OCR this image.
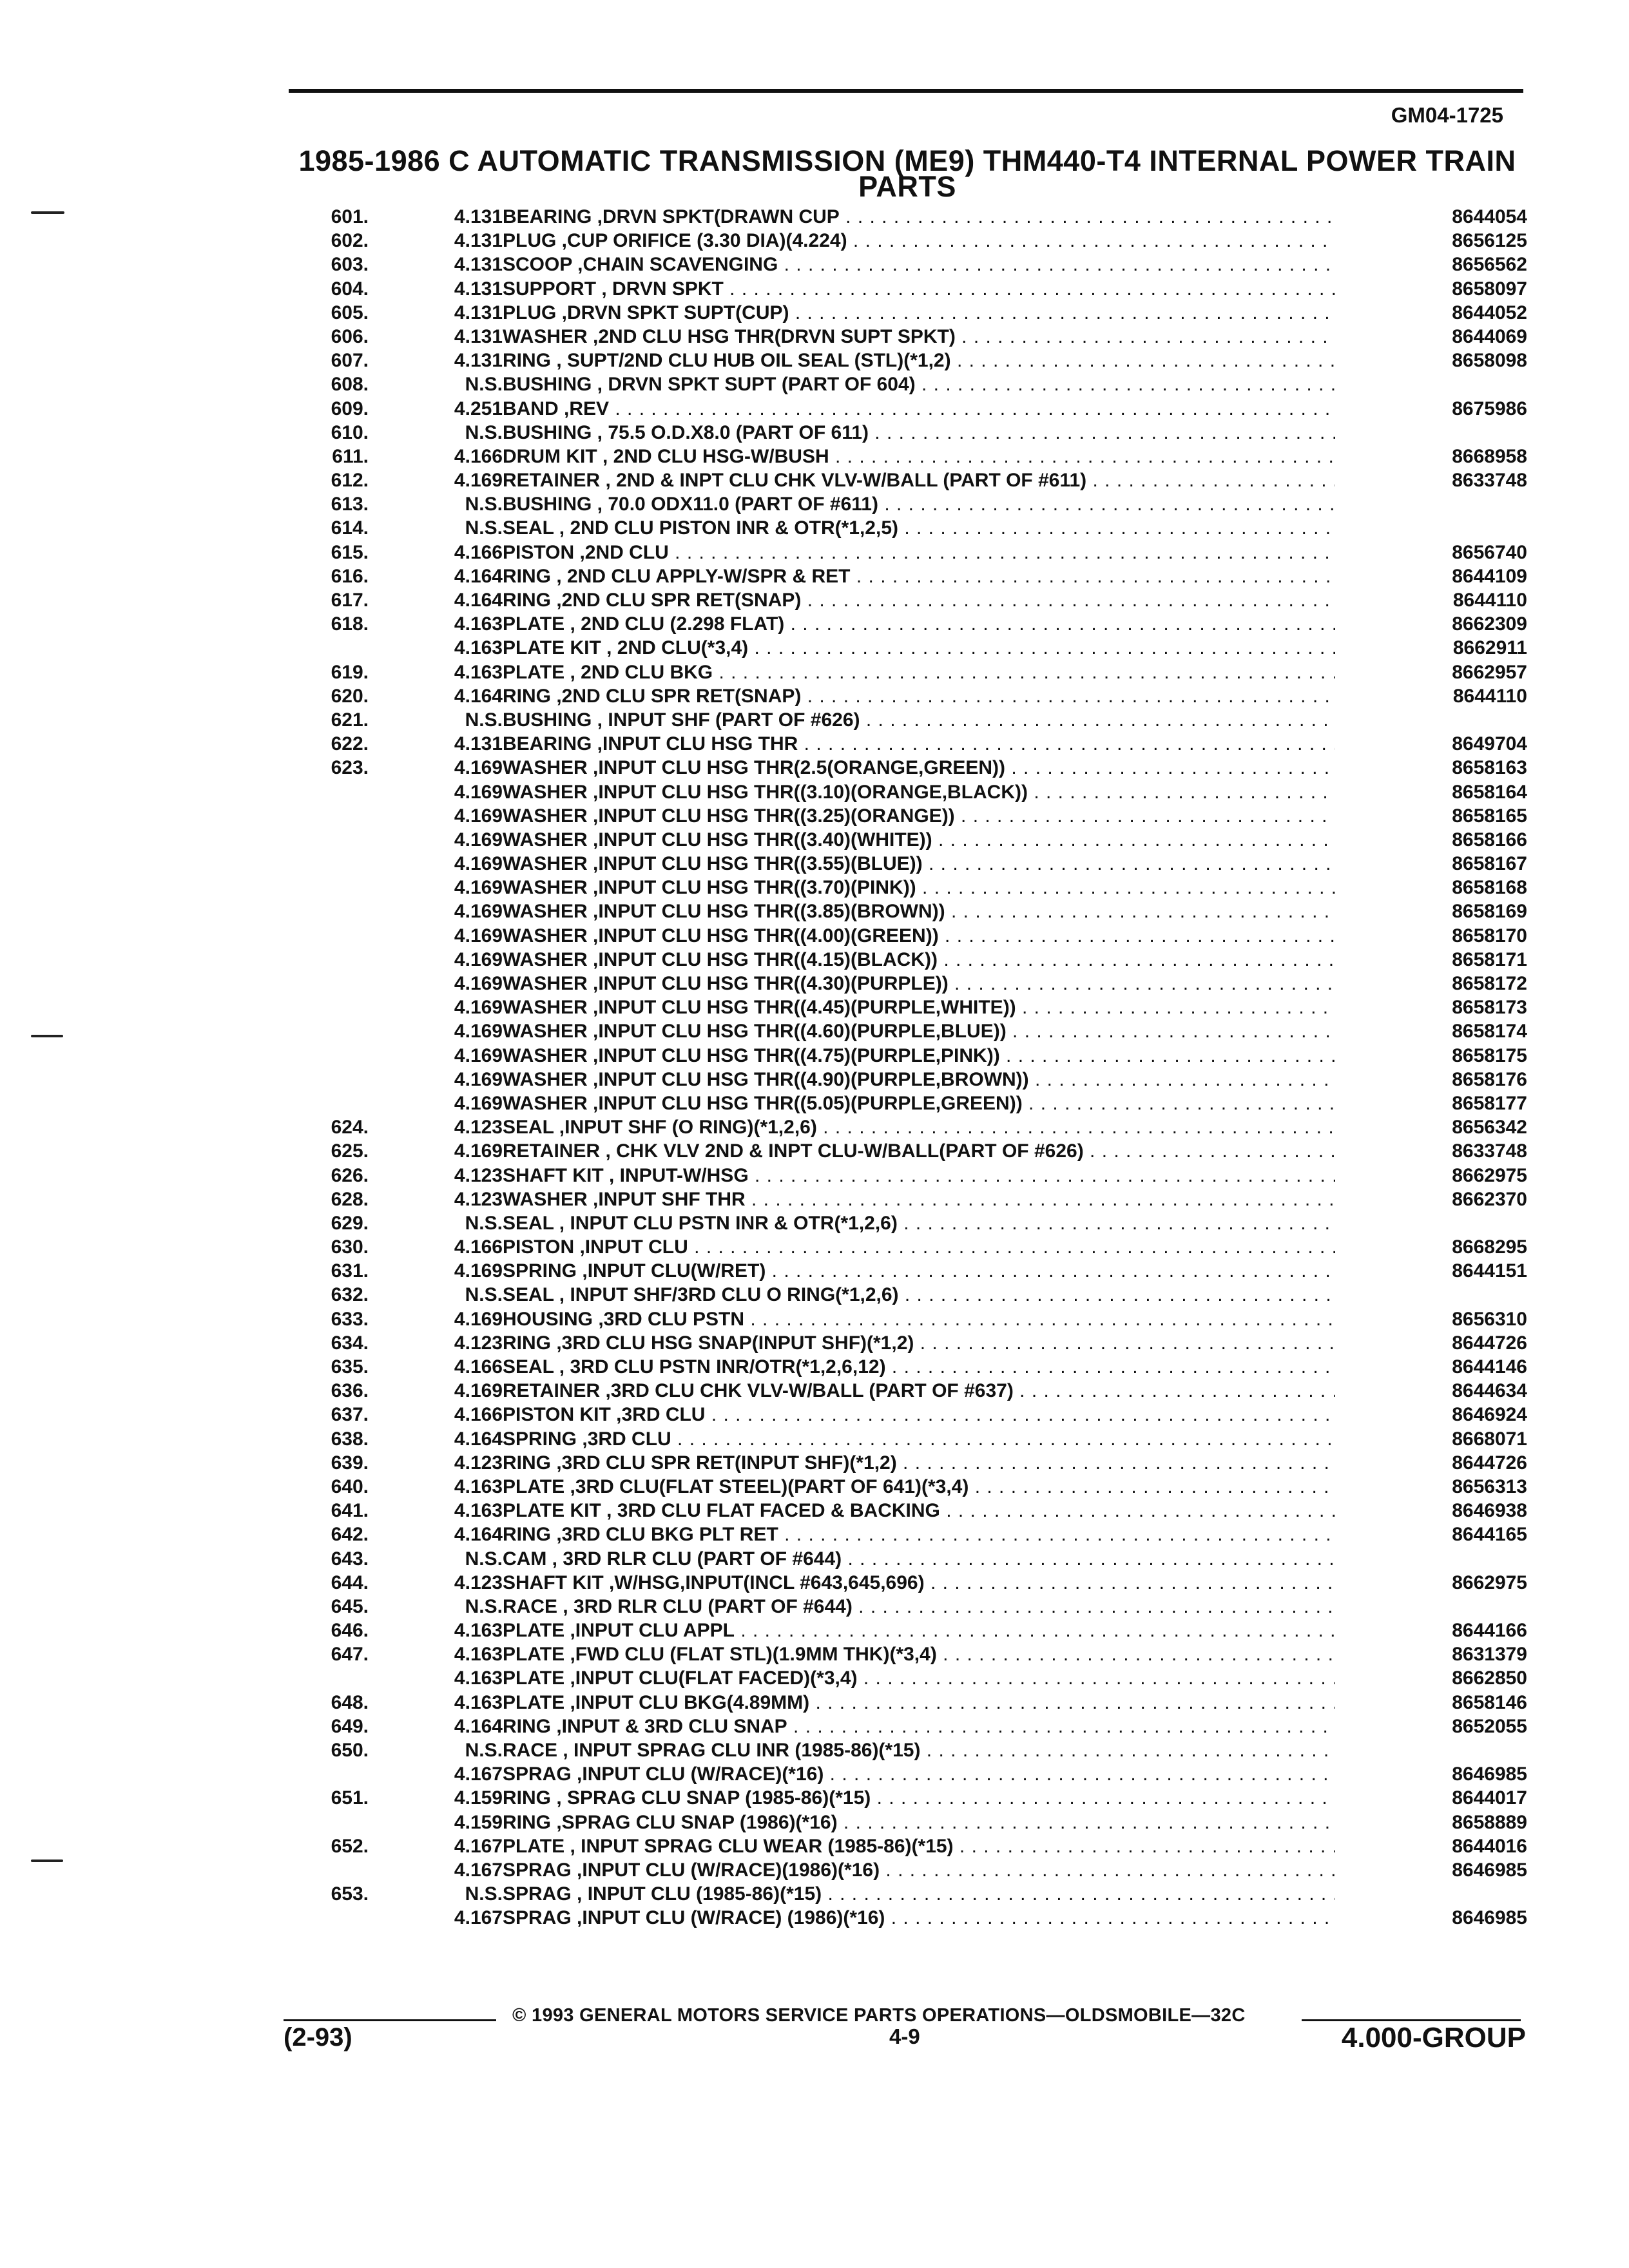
GM04-1725
1985-1986 C AUTOMATIC TRANSMISSION (ME9) THM440-T4 INTERNAL POWER TRAIN
PARTS
601.	4.131 BEARING ,DRVN SPKT(DRAWN CUP . . .	8644054
602.	4.131 PLUG ,CUP ORIFICE (3.30 DIA)(4.224) . . .	8656125
603.	4.131 SCOOP ,CHAIN SCAVENGING . . .	8656562
604.	4.131 SUPPORT , DRVN SPKT . . .	8658097
605.	4.131 PLUG ,DRVN SPKT SUPT(CUP) . . .	8644052
606.	4.131 WASHER ,2ND CLU HSG THR(DRVN SUPT SPKT) . . .	8644069
607.	4.131 RING , SUPT/2ND CLU HUB OIL SEAL (STL)(*1,2) . . .	8658098
608.	N.S. BUSHING , DRVN SPKT SUPT (PART OF 604) . . .
609.	4.251 BAND ,REV . . .	8675986
610.	N.S. BUSHING , 75.5 O.D.X8.0 (PART OF 611) . . .
611.	4.166 DRUM KIT , 2ND CLU HSG-W/BUSH . . .	8668958
612.	4.169 RETAINER , 2ND & INPT CLU CHK VLV-W/BALL (PART OF #611) . . .	8633748
613.	N.S. BUSHING , 70.0 ODX11.0 (PART OF #611) . . .
614.	N.S. SEAL , 2ND CLU PISTON INR & OTR(*1,2,5) . . .
615.	4.166 PISTON ,2ND CLU . . .	8656740
616.	4.164 RING , 2ND CLU APPLY-W/SPR & RET . . .	8644109
617.	4.164 RING ,2ND CLU SPR RET(SNAP) . . .	8644110
618.	4.163 PLATE , 2ND CLU (2.298 FLAT) . . .	8662309
4.163 PLATE KIT , 2ND CLU(*3,4) . . .	8662911
619.	4.163 PLATE , 2ND CLU BKG . . .	8662957
620.	4.164 RING ,2ND CLU SPR RET(SNAP) . . .	8644110
621.	N.S. BUSHING , INPUT SHF (PART OF #626) . . .
622.	4.131 BEARING ,INPUT CLU HSG THR . . .	8649704
623.	4.169 WASHER ,INPUT CLU HSG THR(2.5(ORANGE,GREEN)) . . .	8658163
4.169 WASHER ,INPUT CLU HSG THR((3.10)(ORANGE,BLACK)) . . .	8658164
4.169 WASHER ,INPUT CLU HSG THR((3.25)(ORANGE)) . . .	8658165
4.169 WASHER ,INPUT CLU HSG THR((3.40)(WHITE)) . . .	8658166
4.169 WASHER ,INPUT CLU HSG THR((3.55)(BLUE)) . . .	8658167
4.169 WASHER ,INPUT CLU HSG THR((3.70)(PINK)) . . .	8658168
4.169 WASHER ,INPUT CLU HSG THR((3.85)(BROWN)) . . .	8658169
4.169 WASHER ,INPUT CLU HSG THR((4.00)(GREEN)) . . .	8658170
4.169 WASHER ,INPUT CLU HSG THR((4.15)(BLACK)) . . .	8658171
4.169 WASHER ,INPUT CLU HSG THR((4.30)(PURPLE)) . . .	8658172
4.169 WASHER ,INPUT CLU HSG THR((4.45)(PURPLE,WHITE)) . . .	8658173
4.169 WASHER ,INPUT CLU HSG THR((4.60)(PURPLE,BLUE)) . . .	8658174
4.169 WASHER ,INPUT CLU HSG THR((4.75)(PURPLE,PINK)) . . .	8658175
4.169 WASHER ,INPUT CLU HSG THR((4.90)(PURPLE,BROWN)) . . .	8658176
4.169 WASHER ,INPUT CLU HSG THR((5.05)(PURPLE,GREEN)) . . .	8658177
624.	4.123 SEAL ,INPUT SHF (O RING)(*1,2,6) . . .	8656342
625.	4.169 RETAINER , CHK VLV 2ND & INPT CLU-W/BALL(PART OF #626) . . .	8633748
626.	4.123 SHAFT KIT , INPUT-W/HSG . . .	8662975
628.	4.123 WASHER ,INPUT SHF THR . . .	8662370
629.	N.S. SEAL , INPUT CLU PSTN INR & OTR(*1,2,6) . . .
630.	4.166 PISTON ,INPUT CLU . . .	8668295
631.	4.169 SPRING ,INPUT CLU(W/RET) . . .	8644151
632.	N.S. SEAL , INPUT SHF/3RD CLU O RING(*1,2,6) . . .
633.	4.169 HOUSING ,3RD CLU PSTN . . .	8656310
634.	4.123 RING ,3RD CLU HSG SNAP(INPUT SHF)(*1,2) . . .	8644726
635.	4.166 SEAL , 3RD CLU PSTN INR/OTR(*1,2,6,12) . . .	8644146
636.	4.169 RETAINER ,3RD CLU CHK VLV-W/BALL (PART OF #637) . . .	8644634
637.	4.166 PISTON KIT ,3RD CLU . . .	8646924
638.	4.164 SPRING ,3RD CLU . . .	8668071
639.	4.123 RING ,3RD CLU SPR RET(INPUT SHF)(*1,2) . . .	8644726
640.	4.163 PLATE ,3RD CLU(FLAT STEEL)(PART OF 641)(*3,4) . . .	8656313
641.	4.163 PLATE KIT , 3RD CLU FLAT FACED & BACKING . . .	8646938
642.	4.164 RING ,3RD CLU BKG PLT RET . . .	8644165
643.	N.S. CAM , 3RD RLR CLU (PART OF #644) . . .
644.	4.123 SHAFT KIT ,W/HSG,INPUT(INCL #643,645,696) . . .	8662975
645.	N.S. RACE , 3RD RLR CLU (PART OF #644) . . .
646.	4.163 PLATE ,INPUT CLU APPL . . .	8644166
647.	4.163 PLATE ,FWD CLU (FLAT STL)(1.9MM THK)(*3,4) . . .	8631379
4.163 PLATE ,INPUT CLU(FLAT FACED)(*3,4) . . .	8662850
648.	4.163 PLATE ,INPUT CLU BKG(4.89MM) . . .	8658146
649.	4.164 RING ,INPUT & 3RD CLU SNAP . . .	8652055
650.	N.S. RACE , INPUT SPRAG CLU INR (1985-86)(*15) . . .
4.167 SPRAG ,INPUT CLU (W/RACE)(*16) . . .	8646985
651.	4.159 RING , SPRAG CLU SNAP (1985-86)(*15) . . .	8644017
4.159 RING ,SPRAG CLU SNAP (1986)(*16) . . .	8658889
652.	4.167 PLATE , INPUT SPRAG CLU WEAR (1985-86)(*15) . . .	8644016
4.167 SPRAG ,INPUT CLU (W/RACE)(1986)(*16) . . .	8646985
653.	N.S. SPRAG , INPUT CLU (1985-86)(*15) . . .
4.167 SPRAG ,INPUT CLU (W/RACE) (1986)(*16) . . .	8646985
© 1993 GENERAL MOTORS SERVICE PARTS OPERATIONS—OLDSMOBILE—32C
(2-93)	4-9	4.000-GROUP
